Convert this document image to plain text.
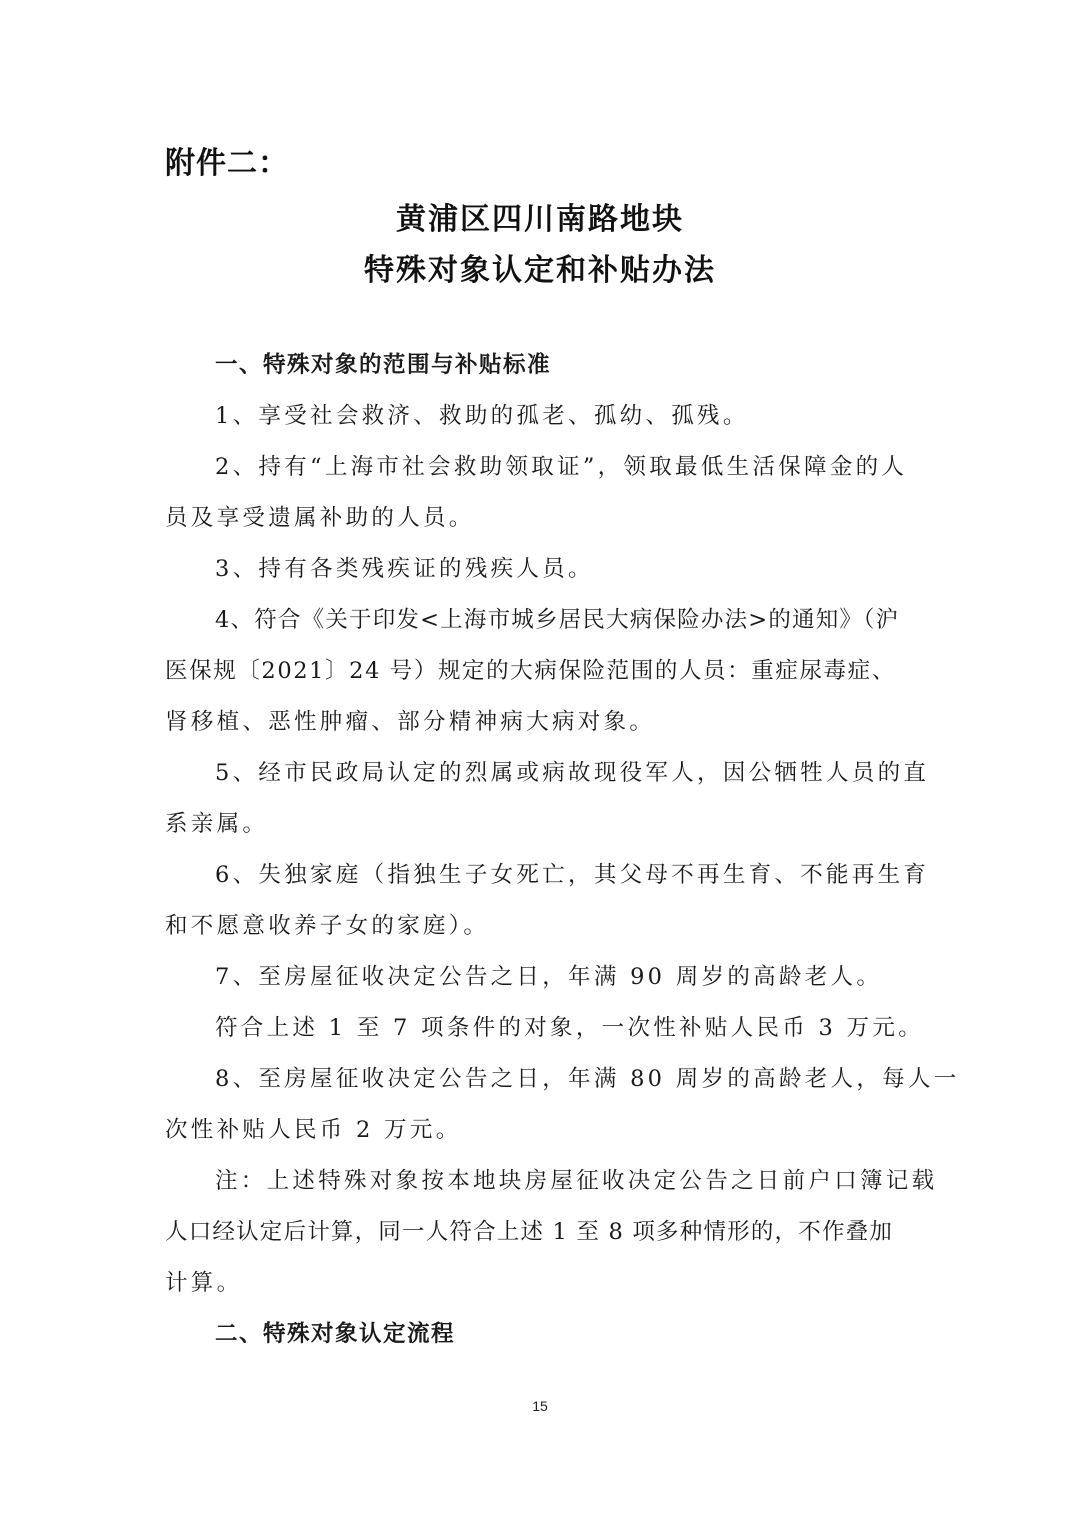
附件二：
黄浦区四川南路地块
特殊对象认定和补贴办法
一、特殊对象的范围与补贴标准
1、享受社会救济、救助的孤老、孤幼、孤残。
2、持有“上海市社会救助领取证”，领取最低生活保障金的人
员及享受遗属补助的人员。
3、持有各类残疾证的残疾人员。
4、符合《关于印发<上海市城乡居民大病保险办法>的通知》（沪
医保规〔2021〕24 号）规定的大病保险范围的人员：重症尿毒症、
肾移植、恶性肿瘤、部分精神病大病对象。
5、经市民政局认定的烈属或病故现役军人，因公牺牲人员的直
系亲属。
6、失独家庭（指独生子女死亡，其父母不再生育、不能再生育
和不愿意收养子女的家庭）。
7、至房屋征收决定公告之日，年满 90 周岁的高龄老人。
符合上述 1 至 7 项条件的对象，一次性补贴人民币 3 万元。
8、至房屋征收决定公告之日，年满 80 周岁的高龄老人，每人一
次性补贴人民币 2 万元。
注：上述特殊对象按本地块房屋征收决定公告之日前户口簿记载
人口经认定后计算，同一人符合上述 1 至 8 项多种情形的，不作叠加
计算。
二、特殊对象认定流程
15
